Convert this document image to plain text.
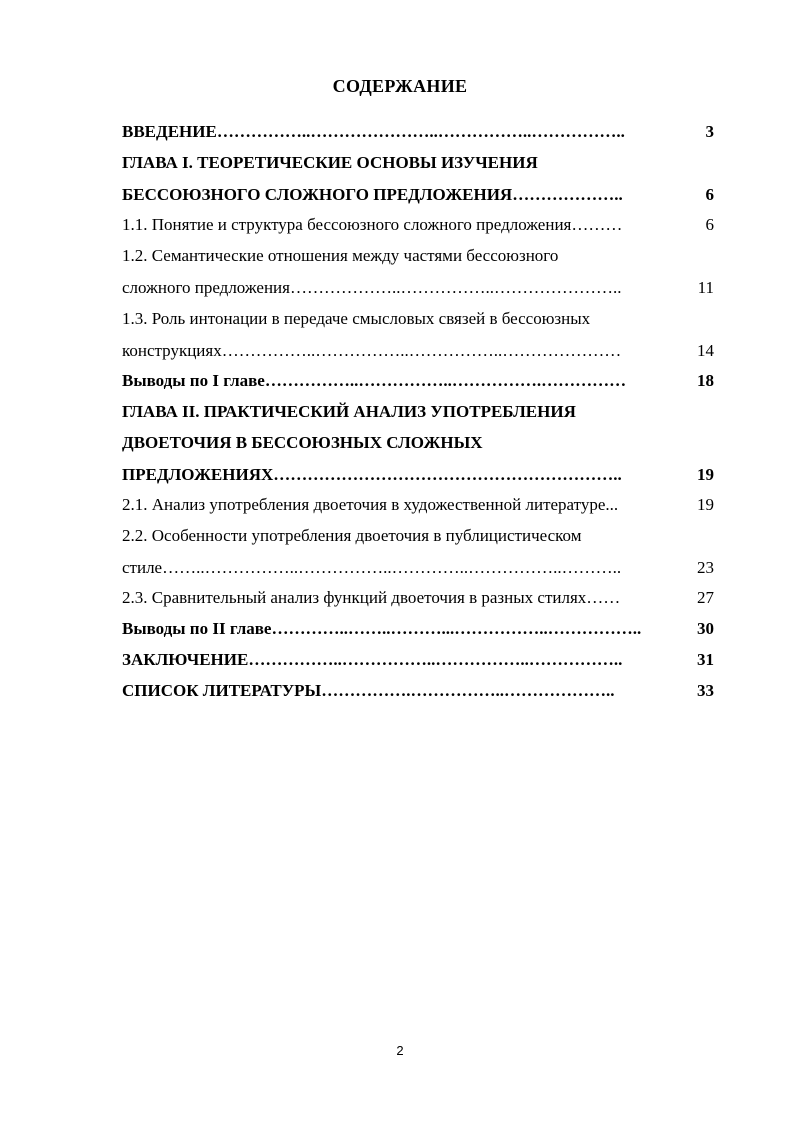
СОДЕРЖАНИЕ
ВВЕДЕНИЕ……………..…………………..……………..……………..	3
ГЛАВА I. ТЕОРЕТИЧЕСКИЕ ОСНОВЫ ИЗУЧЕНИЯ
БЕССОЮЗНОГО СЛОЖНОГО ПРЕДЛОЖЕНИЯ………………..	6
1.1. Понятие и структура бессоюзного сложного предложения………	6
1.2. Семантические отношения между частями бессоюзного
сложного предложения………………..……………..…………………..	11
1.3. Роль интонации в передаче смысловых связей в бессоюзных
конструкциях……………..……………..……………..…………………	14
Выводы по I главе……………..……………..…………….……………	18
ГЛАВА II. ПРАКТИЧЕСКИЙ АНАЛИЗ УПОТРЕБЛЕНИЯ
ДВОЕТОЧИЯ В БЕССОЮЗНЫХ СЛОЖНЫХ
ПРЕДЛОЖЕНИЯХ……………………………………………………..	19
2.1. Анализ употребления двоеточия в художественной литературе...	19
2.2. Особенности употребления двоеточия в публицистическом
стиле……..……………..……………..…………..……………..………..	23
2.3. Сравнительный анализ функций двоеточия в разных стилях……	27
Выводы по II главе…………..……..………...……………..……………..	30
ЗАКЛЮЧЕНИЕ……………..……………..……………..……………..	31
СПИСОК ЛИТЕРАТУРЫ…………….……………..………………..	33
2
